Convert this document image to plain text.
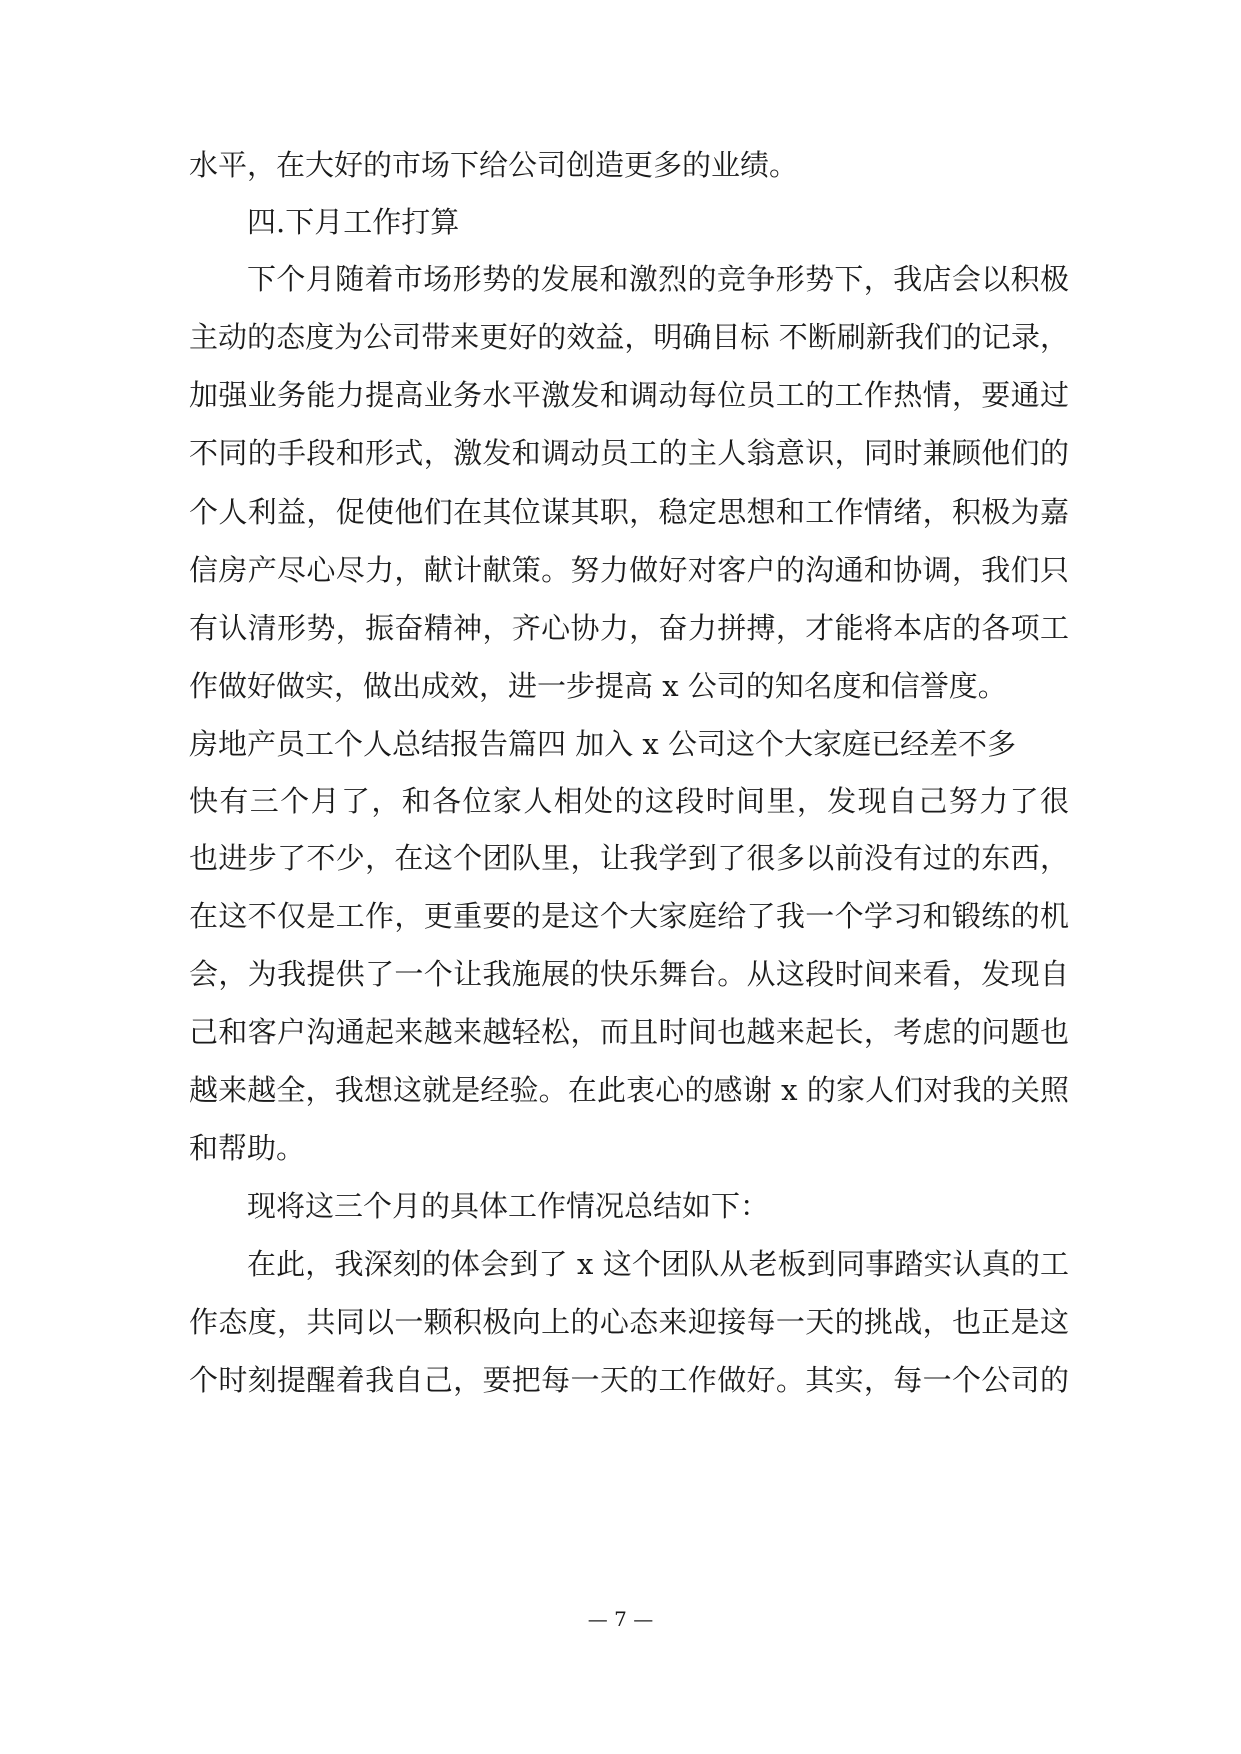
水平，在大好的市场下给公司创造更多的业绩。
四.下月工作打算
下个月随着市场形势的发展和激烈的竞争形势下，我店会以积极
主动的态度为公司带来更好的效益，明确目标 不断刷新我们的记录，
加强业务能力提高业务水平激发和调动每位员工的工作热情，要通过
不同的手段和形式，激发和调动员工的主人翁意识，同时兼顾他们的
个人利益，促使他们在其位谋其职，稳定思想和工作情绪，积极为嘉
信房产尽心尽力，献计献策。努力做好对客户的沟通和协调，我们只
有认清形势，振奋精神，齐心协力，奋力拼搏，才能将本店的各项工
作做好做实，做出成效，进一步提高 x 公司的知名度和信誉度。
房地产员工个人总结报告篇四 加入 x 公司这个大家庭已经差不多
快有三个月了，和各位家人相处的这段时间里，发现自己努力了很
也进步了不少，在这个团队里，让我学到了很多以前没有过的东西，
在这不仅是工作，更重要的是这个大家庭给了我一个学习和锻练的机
会，为我提供了一个让我施展的快乐舞台。从这段时间来看，发现自
己和客户沟通起来越来越轻松，而且时间也越来起长，考虑的问题也
越来越全，我想这就是经验。在此衷心的感谢 x 的家人们对我的关照
和帮助。
现将这三个月的具体工作情况总结如下：
在此，我深刻的体会到了 x 这个团队从老板到同事踏实认真的工
作态度，共同以一颗积极向上的心态来迎接每一天的挑战，也正是这
个时刻提醒着我自己，要把每一天的工作做好。其实，每一个公司的
— 7 —
